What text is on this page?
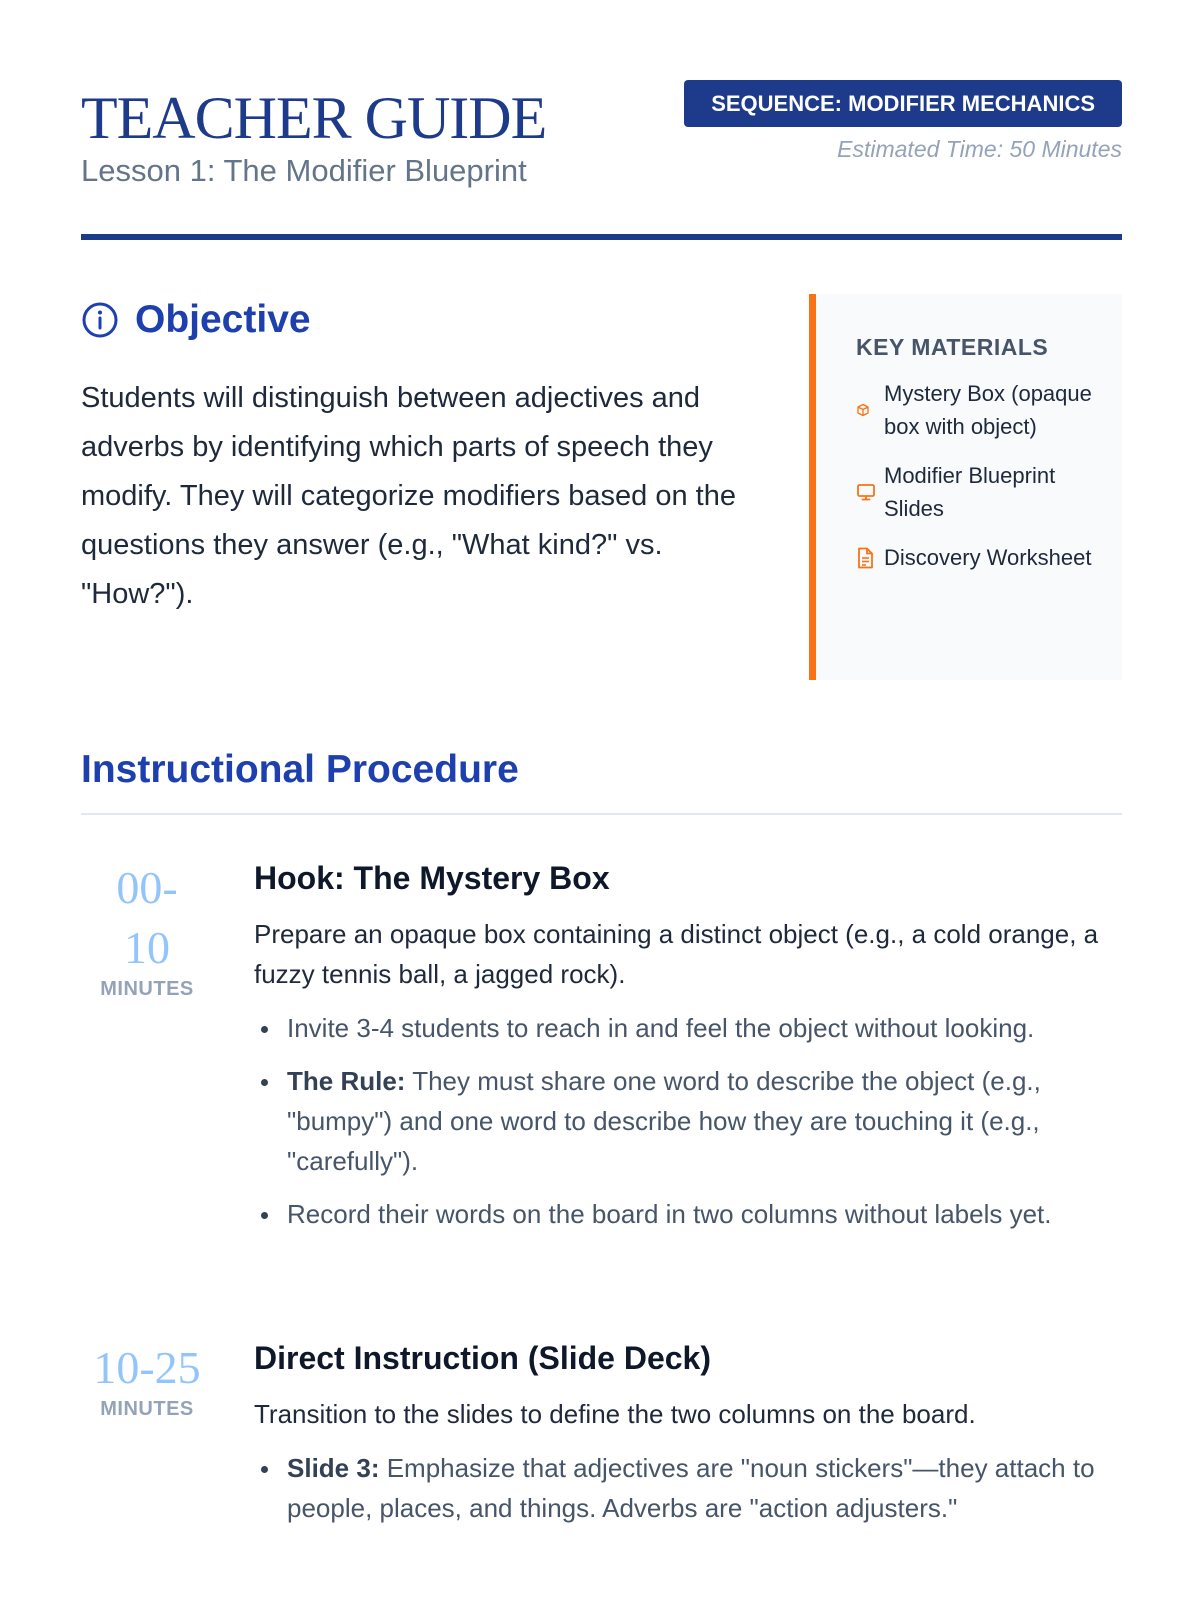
TEACHER GUIDE
Lesson 1: The Modifier Blueprint
SEQUENCE: MODIFIER MECHANICS
Estimated Time: 50 Minutes
Objective

Students will distinguish between adjectives and adverbs by identifying which parts of speech they modify. They will categorize modifiers based on the questions they answer (e.g., "What kind?" vs. "How?").

KEY MATERIALS
Mystery Box (opaque box with object)
Modifier Blueprint Slides
Discovery Worksheet
Instructional Procedure
00-10
MINUTES
Hook: The Mystery Box

Prepare an opaque box containing a distinct object (e.g., a cold orange, a fuzzy tennis ball, a jagged rock).

Invite 3-4 students to reach in and feel the object without looking.
The Rule: They must share one word to describe the object (e.g., "bumpy") and one word to describe how they are touching it (e.g., "carefully").
Record their words on the board in two columns without labels yet.
10-25
MINUTES
Direct Instruction (Slide Deck)

Transition to the slides to define the two columns on the board.

Slide 3: Emphasize that adjectives are "noun stickers"—they attach to people, places, and things. Adverbs are "action adjusters."
